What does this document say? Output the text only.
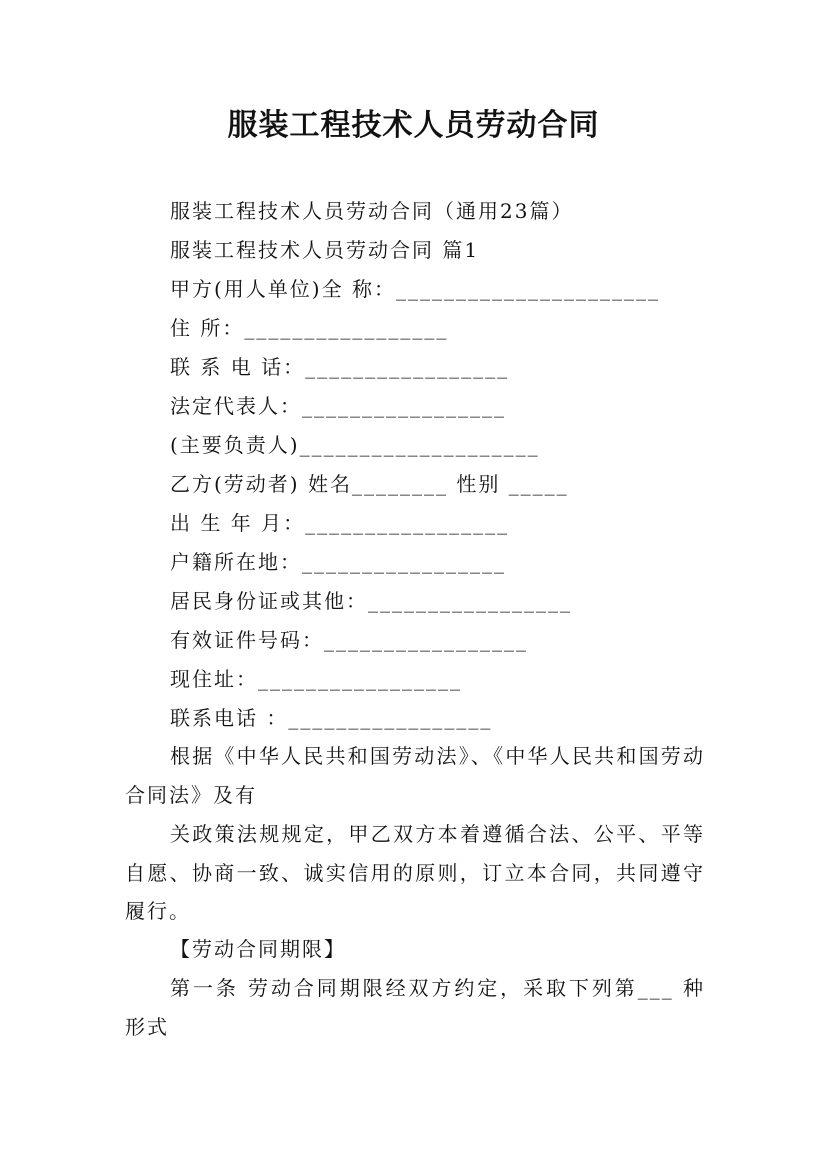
服装工程技术人员劳动合同
服装工程技术人员劳动合同（通用23篇）
服装工程技术人员劳动合同 篇1
甲方(用人单位)全 称：______________________
住 所：_________________
联 系 电 话：_________________
法定代表人：_________________
(主要负责人)____________________
乙方(劳动者) 姓名________ 性别 _____
出 生 年 月：_________________
户籍所在地：_________________
居民身份证或其他：_________________
有效证件号码：_________________
现住址：_________________
联系电话 ：_________________
根据《中华人民共和国劳动法》、《中华人民共和国劳动合同法》及有
关政策法规规定，甲乙双方本着遵循合法、公平、平等自愿、协商一致、诚实信用的原则，订立本合同，共同遵守履行。
【劳动合同期限】
第一条 劳动合同期限经双方约定，采取下列第___ 种形式
